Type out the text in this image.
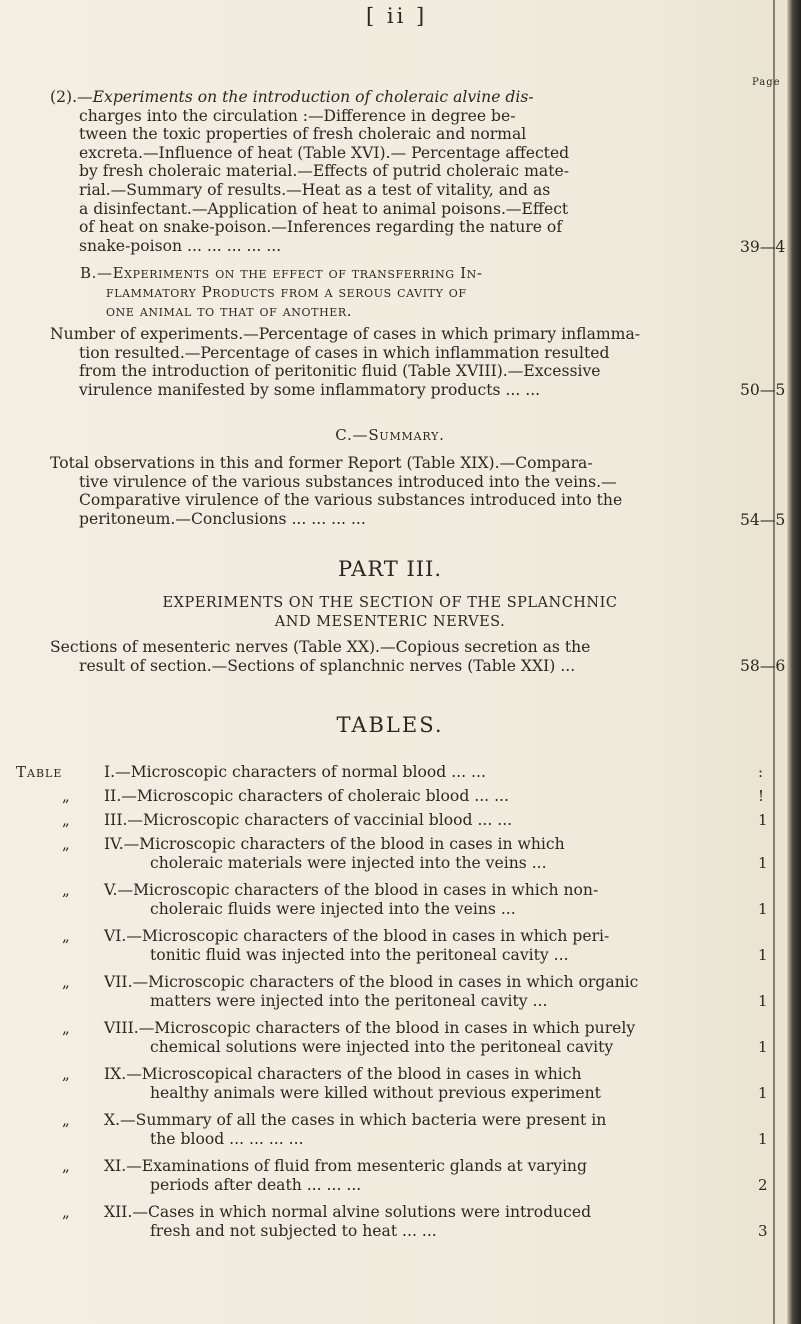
[ ii ]
Page
(2).—Experiments on the introduction of choleraic alvine dis-
charges into the circulation :—Difference in degree be-
tween the toxic properties of fresh choleraic and normal
excreta.—Influence of heat (Table XVI).— Percentage affected
by fresh choleraic material.—Effects of putrid choleraic mate-
rial.—Summary of results.—Heat as a test of vitality, and as
a disinfectant.—Application of heat to animal poisons.—Effect
of heat on snake-poison.—Inferences regarding the nature of
snake-poison ... ... ... ... ...	39—4
B.—Experiments on the effect of transferring In-
flammatory Products from a serous cavity of
one animal to that of another.
Number of experiments.—Percentage of cases in which primary inflamma-
tion resulted.—Percentage of cases in which inflammation resulted
from the introduction of peritonitic fluid (Table XVIII).—Excessive
virulence manifested by some inflammatory products ... ...	50—5
C.—Summary.
Total observations in this and former Report (Table XIX).—Compara-
tive virulence of the various substances introduced into the veins.—
Comparative virulence of the various substances introduced into the
peritoneum.—Conclusions ... ... ... ...	54—5
PART III.
EXPERIMENTS ON THE SECTION OF THE SPLANCHNIC
AND MESENTERIC NERVES.
Sections of mesenteric nerves (Table XX).—Copious secretion as the
result of section.—Sections of splanchnic nerves (Table XXI) ...	58—6
TABLES.
Table	I.—Microscopic characters of normal blood ... ...	:
„ II.—Microscopic characters of choleraic blood ... ...	!
„ III.—Microscopic characters of vaccinial blood ... ...	1
„ IV.—Microscopic characters of the blood in cases in which
choleraic materials were injected into the veins ...	1
„ V.—Microscopic characters of the blood in cases in which non-
choleraic fluids were injected into the veins ...	1
„ VI.—Microscopic characters of the blood in cases in which peri-
tonitic fluid was injected into the peritoneal cavity ...	1
„ VII.—Microscopic characters of the blood in cases in which organic
matters were injected into the peritoneal cavity ...	1
„ VIII.—Microscopic characters of the blood in cases in which purely
chemical solutions were injected into the peritoneal cavity	1
„ IX.—Microscopical characters of the blood in cases in which
healthy animals were killed without previous experiment	1
„ X.—Summary of all the cases in which bacteria were present in
the blood ... ... ... ...	1
„ XI.—Examinations of fluid from mesenteric glands at varying
periods after death ... ... ...	2
„ XII.—Cases in which normal alvine solutions were introduced
fresh and not subjected to heat ... ...	3
